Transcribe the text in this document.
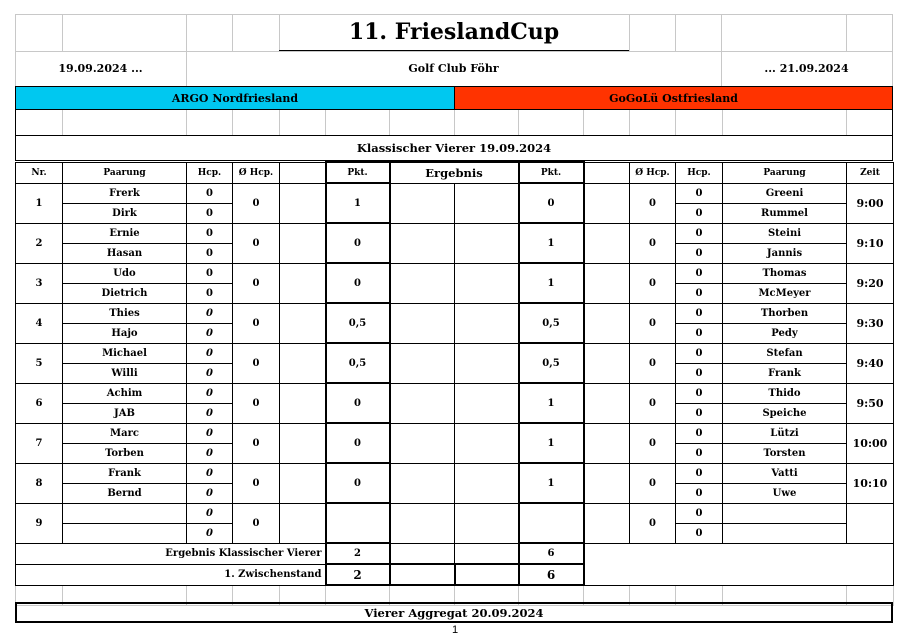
11. FrieslandCup
19.09.2024 ...	Golf Club Föhr	... 21.09.2024
ARGO Nordfriesland	GoGoLü Ostfriesland
Klassischer Vierer 19.09.2024
Nr.	Paarung	Hcp.	Ø Hcp.		Pkt.	Ergebnis		Pkt.		Ø Hcp.	Hcp.	Paarung	Zeit
1	Frerk	0	0		1			0		0	0	Greeni	9:00
	Dirk	0									0	Rummel	
2	Ernie	0	0		0			1		0	0	Steini	9:10
	Hasan	0									0	Jannis	
3	Udo	0	0		0			1		0	0	Thomas	9:20
	Dietrich	0									0	McMeyer	
4	Thies	0	0		0,5			0,5		0	0	Thorben	9:30
	Hajo	0									0	Pedy	
5	Michael	0	0		0,5			0,5		0	0	Stefan	9:40
	Willi	0									0	Frank	
6	Achim	0	0		0			1		0	0	Thido	9:50
	JAB	0									0	Speiche	
7	Marc	0	0		0			1		0	0	Lützi	10:00
	Torben	0									0	Torsten	
8	Frank	0	0		0			1		0	0	Vatti	10:10
	Bernd	0									0	Uwe	
9		0	0							0	0		
		0									0		
Ergebnis Klassischer Vierer					2			6					
1. Zwischenstand					2			6					

Vierer Aggregat 20.09.2024
1
